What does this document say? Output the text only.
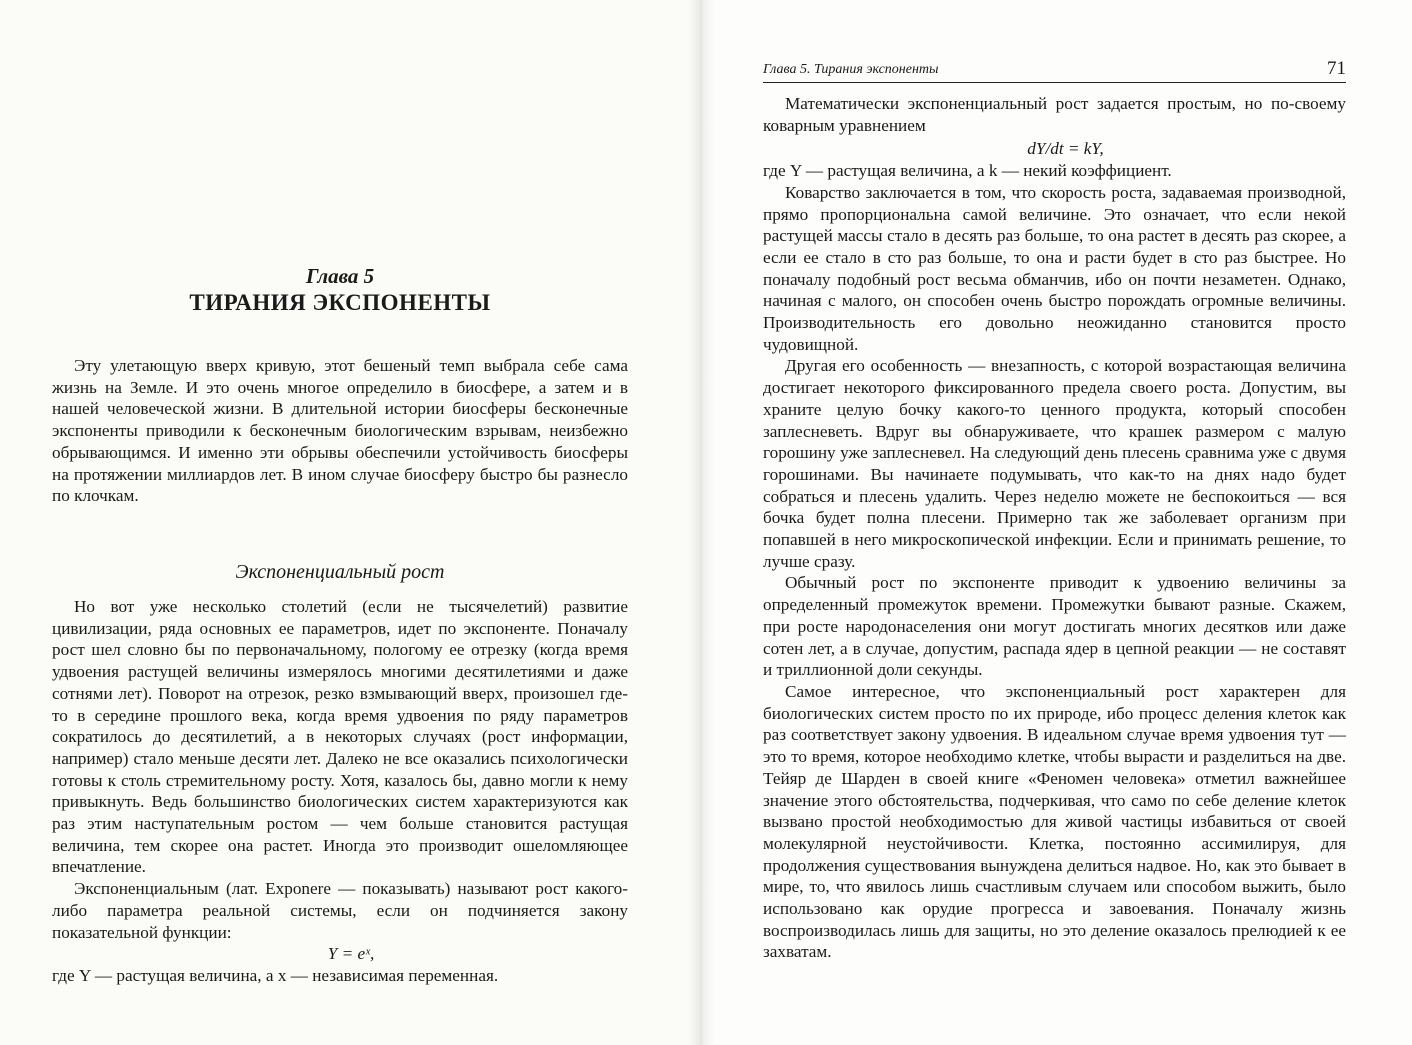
Глава 5
ТИРАНИЯ ЭКСПОНЕНТЫ

Эту улетающую вверх кривую, этот бешеный темп выбрала себе сама жизнь на Земле. И это очень многое определило в биосфере, а затем и в нашей человеческой жизни. В длительной истории биосферы бесконечные экспоненты приводили к бесконечным биологическим взрывам, неизбежно обрывающимся. И именно эти обрывы обеспечили устойчивость биосферы на протяжении миллиардов лет. В ином случае биосферу быстро бы разнесло по клочкам.

Экспоненциальный рост

Но вот уже несколько столетий (если не тысячелетий) развитие цивилизации, ряда основных ее параметров, идет по экспоненте. Поначалу рост шел словно бы по первоначальному, пологому ее отрезку (когда время удвоения растущей величины измерялось многими десятилетиями и даже сотнями лет). Поворот на отрезок, резко взмывающий вверх, произошел где-то в середине прошлого века, когда время удвоения по ряду параметров сократилось до десятилетий, а в некоторых случаях (рост информации, например) стало меньше десяти лет. Далеко не все оказались психологически готовы к столь стремительному росту. Хотя, казалось бы, давно могли к нему привыкнуть. Ведь большинство биологических систем характеризуются как раз этим наступательным ростом — чем больше становится растущая величина, тем скорее она растет. Иногда это производит ошеломляющее впечатление.

Экспоненциальным (лат. Exponere — показывать) называют рост какого-либо параметра реальной системы, если он подчиняется закону показательной функции:

Y = eˣ,

где Y — растущая величина, а x — независимая переменная.

Глава 5. Тирания экспоненты	71

Математически экспоненциальный рост задается простым, но по-своему коварным уравнением

dY/dt = kY,

где Y — растущая величина, а k — некий коэффициент.

Коварство заключается в том, что скорость роста, задаваемая производной, прямо пропорциональна самой величине. Это означает, что если некой растущей массы стало в десять раз больше, то она растет в десять раз скорее, а если ее стало в сто раз больше, то она и расти будет в сто раз быстрее. Но поначалу подобный рост весьма обманчив, ибо он почти незаметен. Однако, начиная с малого, он способен очень быстро порождать огромные величины. Производительность его довольно неожиданно становится просто чудовищной.

Другая его особенность — внезапность, с которой возрастающая величина достигает некоторого фиксированного предела своего роста. Допустим, вы храните целую бочку какого-то ценного продукта, который способен заплесневеть. Вдруг вы обнаруживаете, что крашек размером с малую горошину уже заплесневел. На следующий день плесень сравнима уже с двумя горошинами. Вы начинаете подумывать, что как-то на днях надо будет собраться и плесень удалить. Через неделю можете не беспокоиться — вся бочка будет полна плесени. Примерно так же заболевает организм при попавшей в него микроскопической инфекции. Если и принимать решение, то лучше сразу.

Обычный рост по экспоненте приводит к удвоению величины за определенный промежуток времени. Промежутки бывают разные. Скажем, при росте народонаселения они могут достигать многих десятков или даже сотен лет, а в случае, допустим, распада ядер в цепной реакции — не составят и триллионной доли секунды.

Самое интересное, что экспоненциальный рост характерен для биологических систем просто по их природе, ибо процесс деления клеток как раз соответствует закону удвоения. В идеальном случае время удвоения тут — это то время, которое необходимо клетке, чтобы вырасти и разделиться на две. Тейяр де Шарден в своей книге «Феномен человека» отметил важнейшее значение этого обстоятельства, подчеркивая, что само по себе деление клеток вызвано простой необходимостью для живой частицы избавиться от своей молекулярной неустойчивости. Клетка, постоянно ассимилируя, для продолжения существования вынуждена делиться надвое. Но, как это бывает в мире, то, что явилось лишь счастливым случаем или способом выжить, было использовано как орудие прогресса и завоевания. Поначалу жизнь воспроизводилась лишь для защиты, но это деление оказалось прелюдией к ее захватам.
